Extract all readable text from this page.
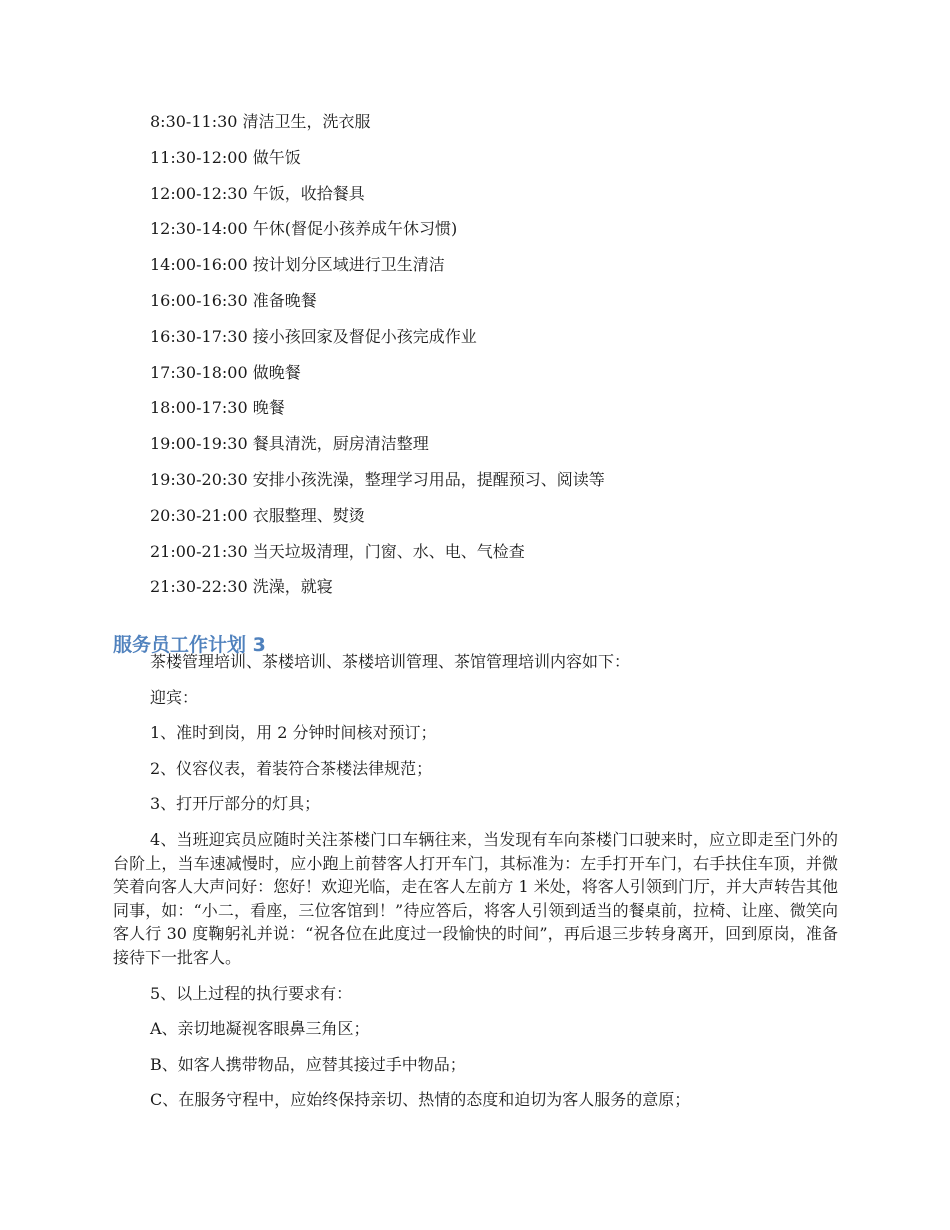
8:30-11:30 清洁卫生，洗衣服
11:30-12:00 做午饭
12:00-12:30 午饭，收拾餐具
12:30-14:00 午休(督促小孩养成午休习惯)
14:00-16:00 按计划分区域进行卫生清洁
16:00-16:30 准备晚餐
16:30-17:30 接小孩回家及督促小孩完成作业
17:30-18:00 做晚餐
18:00-17:30 晚餐
19:00-19:30 餐具清洗，厨房清洁整理
19:30-20:30 安排小孩洗澡，整理学习用品，提醒预习、阅读等
20:30-21:00 衣服整理、熨烫
21:00-21:30 当天垃圾清理，门窗、水、电、气检查
21:30-22:30 洗澡，就寝
服务员工作计划 3

茶楼管理培训、茶楼培训、茶楼培训管理、茶馆管理培训内容如下：

迎宾：

1、准时到岗，用 2 分钟时间核对预订；

2、仪容仪表，着装符合茶楼法律规范；

3、打开厅部分的灯具；

4、当班迎宾员应随时关注茶楼门口车辆往来，当发现有车向茶楼门口驶来时，应立即走至门外的台阶上，当车速减慢时，应小跑上前替客人打开车门，其标准为：左手打开车门，右手扶住车顶，并微笑着向客人大声问好：您好！欢迎光临，走在客人左前方 1 米处，将客人引领到门厅，并大声转告其他同事，如：“小二，看座，三位客馆到！”待应答后，将客人引领到适当的餐桌前，拉椅、让座、微笑向客人行 30 度鞠躬礼并说：“祝各位在此度过一段愉快的时间”，再后退三步转身离开，回到原岗，准备接待下一批客人。

5、以上过程的执行要求有：

A、亲切地凝视客眼鼻三角区；

B、如客人携带物品，应替其接过手中物品；

C、在服务守程中，应始终保持亲切、热情的态度和迫切为客人服务的意原；
